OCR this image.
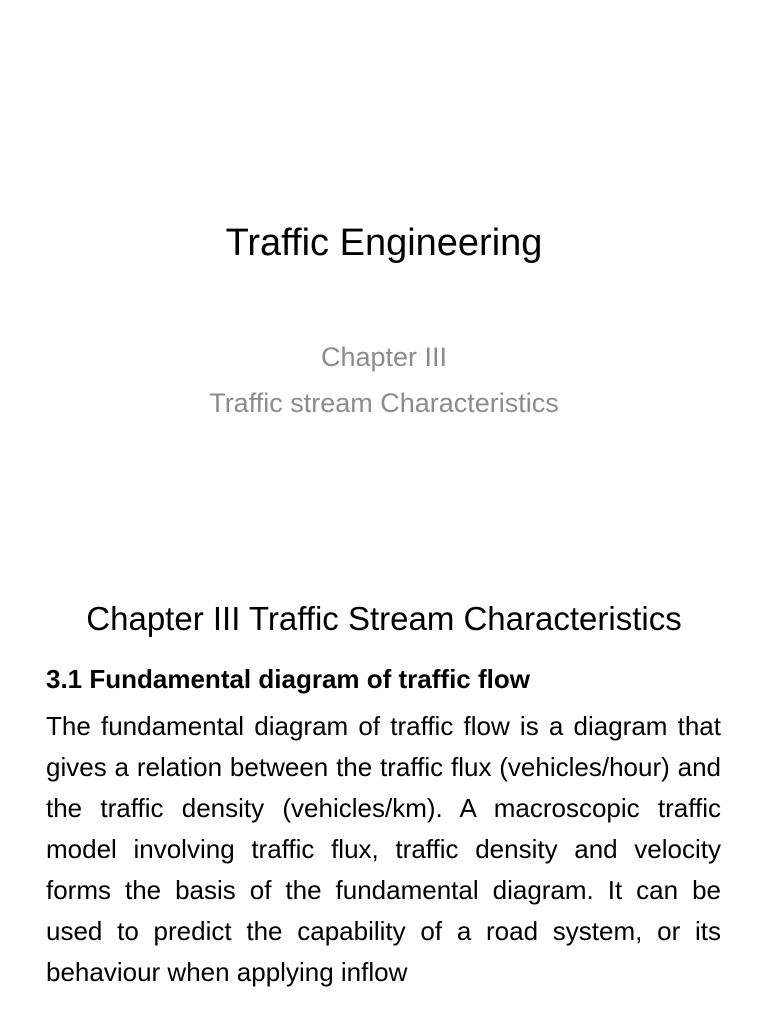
Traffic Engineering
Chapter III
Traffic stream Characteristics
Chapter III Traffic Stream Characteristics
3.1 Fundamental diagram of traffic flow
The fundamental diagram of traffic flow is a diagram that gives a relation between the traffic flux (vehicles/hour) and the traffic density (vehicles/km). A macroscopic traffic model involving traffic flux, traffic density and velocity forms the basis of the fundamental diagram. It can be used to predict the capability of a road system, or its behaviour when applying inflow
